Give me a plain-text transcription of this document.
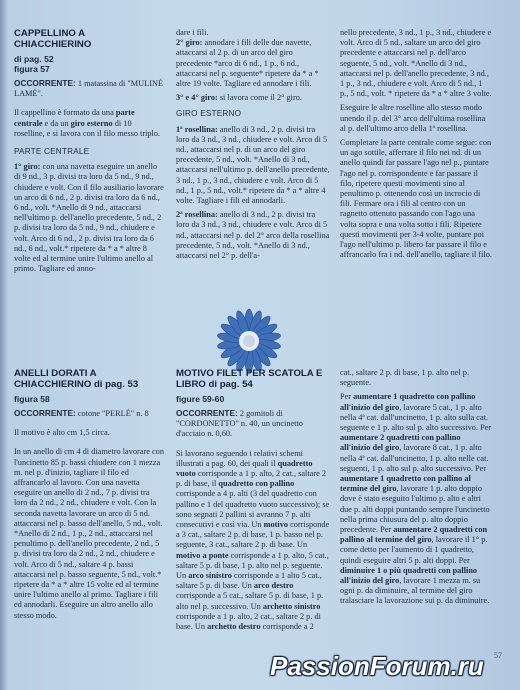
CAPPELLINO A CHIACCHIERINO

di pag. 52
figura 57

OCCORRENTE: 1 matassina di "MULINÉ LAMÉ".

Il cappellino è formato da una parte centrale e da un giro esterno di 10 roselline, e si lavora con il filo messo triplo.

PARTE CENTRALE

1° giro: con una navetta eseguire un anello di 9 nd., 3 p. divisi tra loro da 5 nd., 9 nd., chiudere e volt. Con il filo ausiliario lavorare un arco di 6 nd., 2 p. divisi tra loro da 6 nd., 6 nd., volt. *Anello di 9 nd., attaccarsi nell'ultimo p. dell'anello precedente, 5 nd., 2 p. divisi tra loro da 5 nd., 9 nd., chiudere e volt. Arco di 6 nd., 2 p. divisi tra loro da 6 nd., 6 nd., volt.* ripetere da * a * altre 8 volte ed al termine unire l'ultimo anello al primo. Tagliare ed anno-

dare i fili.

2° giro: annodare i fili delle due navette, attaccarsi al 2 p. di un arco del giro precedente *arco di 6 nd., 1 p., 6 nd., attaccarsi nel p. seguente* ripetere da * a * altre 19 volte. Tagliare ed annodare i fili.

3° e 4° giro: si lavora come il 2° giro.

GIRO ESTERNO

1ª rosellina: anello di 3 nd., 2 p. divisi tra loro da 3 nd., 3 nd., chiudere e volt. Arco di 5 nd., attaccarsi nel p. di un arco del giro precedente, 5 nd., volt. *Anello di 3 nd., attaccarsi nell'ultimo p. dell'anello precedente, 3 nd., 1 p., 3 nd., chiudere e volt. Arco di 5 nd., 1 p., 5 nd., volt.* ripetere da * a * altre 4 volte. Tagliare i fili ed annodarli.

2ª rosellina: anello di 3 nd., 2 p. divisi tra loro da 3 nd., 3 nd., chiudere e volt. Arco di 5 nd., attaccarsi nel p. del 2° arco della rosellina precedente, 5 nd., volt. *Anello di 3 nd., attaccarsi nel 2° p. dell'a-

nello precedente, 3 nd., 1 p., 3 nd., chiudere e volt. Arco di 5 nd., saltare un arco del giro precedente e attaccarsi nel p. dell'arco seguente, 5 nd., volt. *Anello di 3 nd., attaccarsi nel p. dell'anello precedente, 3 nd., 1 p., 3 nd., chiudere e volt. Arco di 5 nd., 1 p., 5 nd., volt. * ripetere da * a * altre 3 volte.

Eseguire le altre roselline allo stesso modo unendo il p. del 3° arco dell'ultima rosellina al p. dell'ultimo arco della 1ª rosellina.

Completare la parte centrale come segue: con un ago sottile, afferrare il filo nei nd. di un anello quindi far passare l'ago nel p., puntare l'ago nel p. corrispondente e far passare il filo, ripetere questi movimenti sino al penultimo p. ottenendo così un incrocio di fili. Fermare ora i fili al centro con un ragnetto ottenuto passando con l'ago una volta sopra e una volta sotto i fili. Ripetere questi movimenti per 3-4 volte, puntare poi l'ago nell'ultimo p. libero far passare il filo e affrancarlo fra i nd. dell'anello, tagliare il filo.

ANELLI DORATI A CHIACCHIERINO di pag. 53

figura 58

OCCORRENTE: cotone "PERLÉ" n. 8

Il motivo è alto cm 1,5 circa.

In un anello di cm 4 di diametro lavorare con l'uncinetto 85 p. bassi chiudere con 1 mezza m. nel p. d'inizio, tagliare il filo ed affrancarlo al lavoro. Con una navetta eseguire un anello di 2 nd., 7 p. divisi tra loro da 2 nd., 2 nd., chiudere e volt. Con la seconda navetta lavorare un arco di 5 nd. attaccarsi nel p. basso dell'anello, 5 nd., volt. *Anello di 2 nd., 1 p., 2 nd., attaccarsi nel penultimo p. dell'anello precedente, 2 nd., 5 p. divisi tra loro da 2 nd., 2 nd., chiudere e volt. Arco di 5 nd., saltare 4 p. bassi attaccarsi nel p. basso seguente, 5 nd., volt.* ripetere da * a * altre 15 volte ed al termine unire l'ultimo anello al primo. Tagliare i fili ed annodarli. Eseguire un altro anello allo stesso modo.

MOTIVO FILET PER SCATOLA E LIBRO di pag. 54

figure 59-60

OCCORRENTE: 2 gomitoli di "CORDONETTO" n. 40, un uncinetto d'acciaio n. 0,60.

Si lavorano seguendo i relativi schemi illustrati a pag. 60, dei quali il quadretto vuoto corrisponde a 1 p. alto, 2 cat., saltare 2 p. di base, il quadretto con pallino corrisponde a 4 p. alti (3 del quadretto con pallino e 1 del quadretto vuoto successivo); se sono segnati 2 pallini si avranno 7 p. alti consecutivi e così via. Un motivo corrisponde a 3 cat., saltare 2 p. di base, 1 p. basso nel p. seguente, 3 cat., saltare 2 p. di base. Un motivo a ponte corrisponde a 1 p. alto, 5 cat., saltare 5 p. di base, 1 p. alto nel p. seguente. Un arco sinistro corrisponde a 1 alto 5 cat., saltare 5 p. di base. Un arco destro corrisponde a 5 cat., saltare 5 p. di base, 1 p. alto nel p. successivo. Un archetto sinistro corrisponde a 1 p. alto, 2 cat., saltare 2 p. di base. Un archetto destro corrisponde a 2

cat., saltare 2 p. di base, 1 p. alto nel p. seguente.

Per aumentare 1 quadretto con pallino all'inizio del giro, lavorare 5 cat., 1 p. alto nella 4ª cat. dall'uncinetto, 1 p. alto sulla cat. seguente e 1 p. alto sul p. alto successivo. Per aumentare 2 quadretti con pallino all'inizio del giro, lavorare 8 cat., 1 p. alto nella 4ª cat. dall'uncinetto, 1 p. alto nelle cat. seguenti, 1 p. alto sul p. alto successivo. Per aumentare 1 quadretto con pallino al termine del giro, lavorare 1 p. alto doppio dove è stato eseguito l'ultimo p. alto e altri due p. alti doppi puntando sempre l'uncinetto nella prima chiusura del p. alto doppio precedente. Per aumentare 2 quadretti con pallino al termine del giro, lavorare il 1° p. come detto per l'aumento di 1 quadretto, quindi eseguire altri 5 p. alti doppi. Per diminuire 1 o più quadretti con pallino all'inizio del giro, lavorare 1 mezza m. su ogni p. da diminuire, al termine del giro tralasciare la lavorazione sui p. da diminuire.

57
PassionForum.ru
